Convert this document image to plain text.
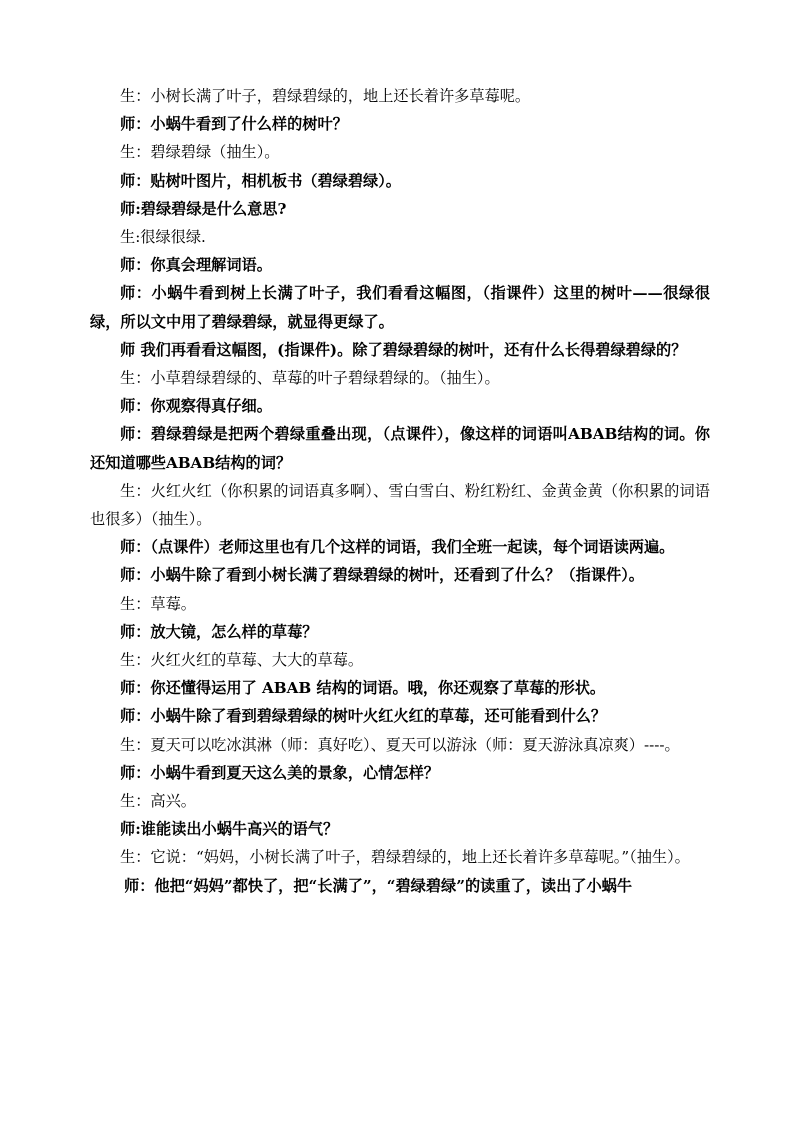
生：小树长满了叶子，碧绿碧绿的，地上还长着许多草莓呢。

师：小蜗牛看到了什么样的树叶？

生：碧绿碧绿（抽生）。

师：贴树叶图片，相机板书（碧绿碧绿）。

师:碧绿碧绿是什么意思?

生:很绿很绿.

师：你真会理解词语。

师：小蜗牛看到树上长满了叶子，我们看看这幅图，（指课件）这里的树叶——很绿很绿，所以文中用了碧绿碧绿，就显得更绿了。

师 我们再看看这幅图，(指课件)。除了碧绿碧绿的树叶，还有什么长得碧绿碧绿的？

生：小草碧绿碧绿的、草莓的叶子碧绿碧绿的。（抽生）。

师：你观察得真仔细。

师：碧绿碧绿是把两个碧绿重叠出现，（点课件），像这样的词语叫ABAB结构的词。你还知道哪些ABAB结构的词？

生：火红火红（你积累的词语真多啊）、雪白雪白、粉红粉红、金黄金黄（你积累的词语也很多）（抽生）。

师：（点课件）老师这里也有几个这样的词语，我们全班一起读，每个词语读两遍。

师：小蜗牛除了看到小树长满了碧绿碧绿的树叶，还看到了什么？（指课件）。

生：草莓。

师：放大镜，怎么样的草莓？

生：火红火红的草莓、大大的草莓。

师：你还懂得运用了 ABAB 结构的词语。哦，你还观察了草莓的形状。

师：小蜗牛除了看到碧绿碧绿的树叶火红火红的草莓，还可能看到什么？

生：夏天可以吃冰淇淋（师：真好吃）、夏天可以游泳（师：夏天游泳真凉爽）----。

师：小蜗牛看到夏天这么美的景象，心情怎样？

生：高兴。

师:谁能读出小蜗牛高兴的语气？

生：它说：“妈妈，小树长满了叶子，碧绿碧绿的，地上还长着许多草莓呢。”（抽生）。

师：他把“妈妈”都快了，把“长满了”，“碧绿碧绿”的读重了，读出了小蜗牛
